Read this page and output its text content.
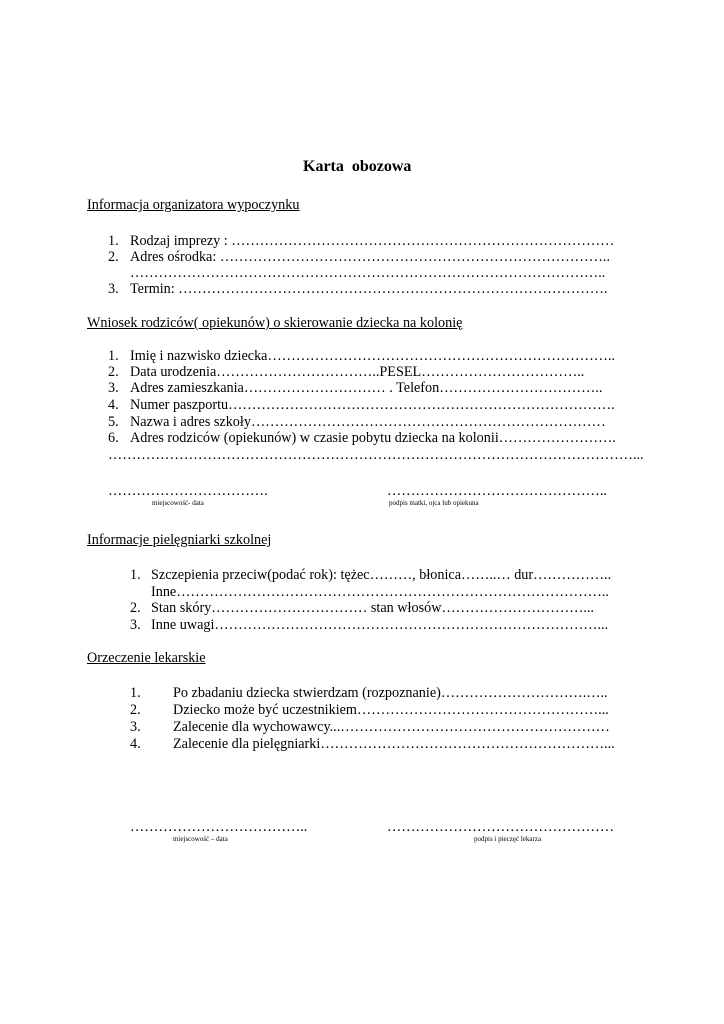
Karta  obozowa
Informacja organizatora wypoczynku
1. Rodzaj imprezy : ………………………………………………………………………
2. Adres ośrodka: ………………………………………………………………………..
………………………………………………………………………………………..
3. Termin: ……………………………………………………………………………….
Wniosek rodziców( opiekunów) o skierowanie dziecka na kolonię
1. Imię i nazwisko dziecka………………………………………………………………..
2. Data urodzenia……………………………..PESEL……………………………..
3. Adres zamieszkania………………………… . Telefon……………………………..
4. Numer paszportu……………………………………………………………………….
5. Nazwa i adres szkoły…………………………………………………………………
6. Adres rodziców (opiekunów) w czasie pobytu dziecka na kolonii…………………….
…………………………………………………………………………………………………...
…………………………….
miejscowość- data
………………………………………..
podpis matki, ojca lub opiekuna
Informacje pielęgniarki szkolnej
1. Szczepienia przeciw(podać rok): tężec………, błonica……..… dur……………..
Inne………………………………………………………………………………..
2. Stan skóry…………………………… stan włosów…………………………...
3. Inne uwagi………………………………………………………………………...
Orzeczenie lekarskie
1. Po zbadaniu dziecka stwierdzam (rozpoznanie)………………………….…..
2. Dziecko może być uczestnikiem……………………………………………...
3. Zalecenie dla wychowawcy...…………………………………………………
4. Zalecenie dla pielęgniarki……………………………………………………...
………………………………..
miejscowość – data
…………………………………………
podpis i pieczęć lekarza
